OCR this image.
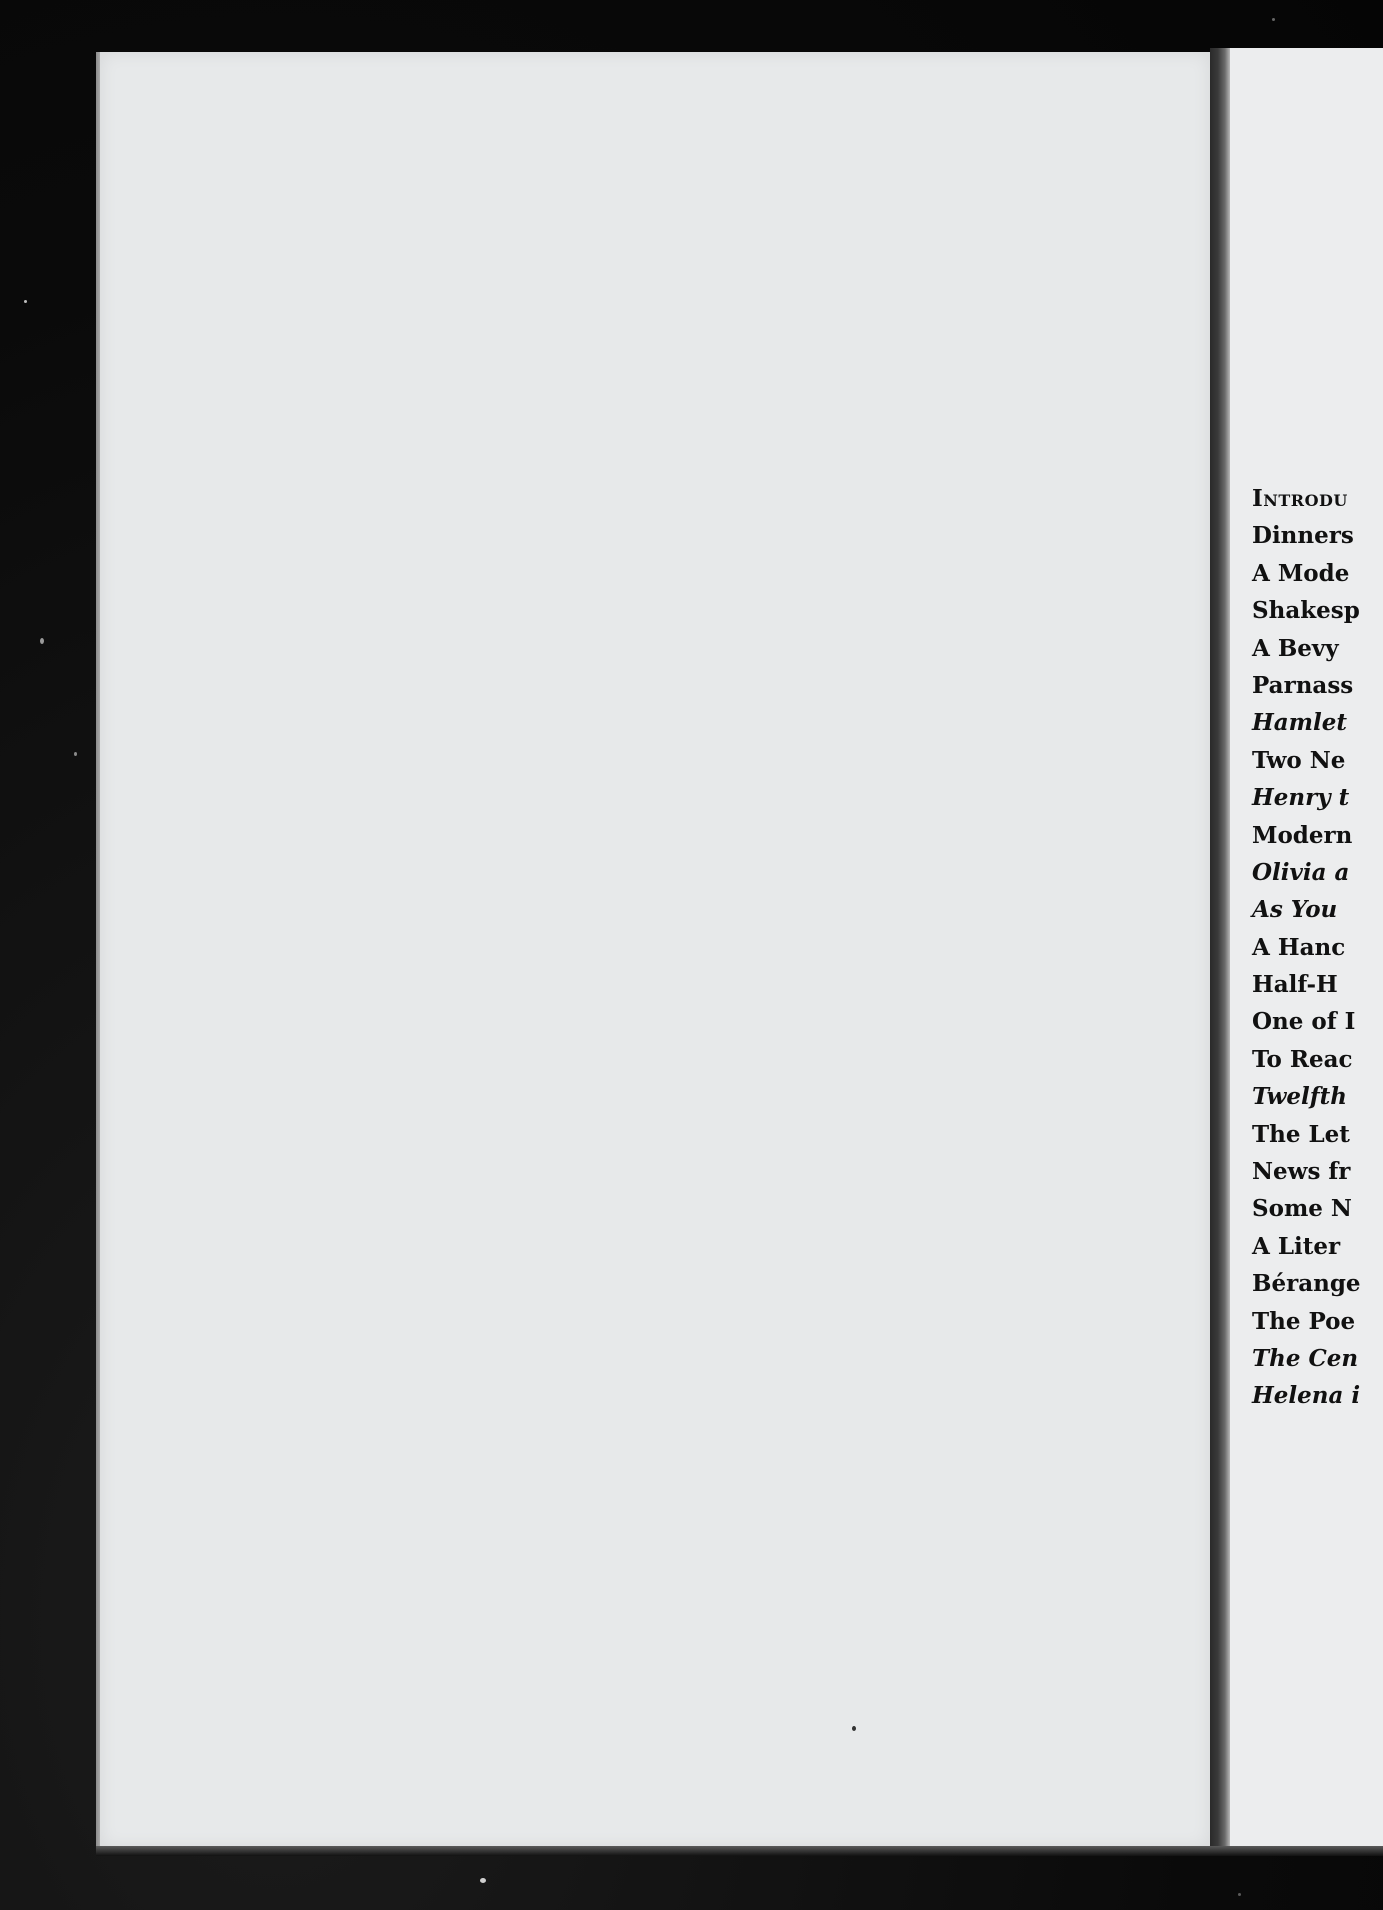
Introdu
Dinners
A Mode
Shakesp
A Bevy
Parnass
Hamlet
Two Ne
Henry t
Modern
Olivia a
As You
A Hanc
Half-H
One of I
To Reac
Twelfth
The Let
News fr
Some N
A Liter
Bérange
The Poe
The Cen
Helena i
